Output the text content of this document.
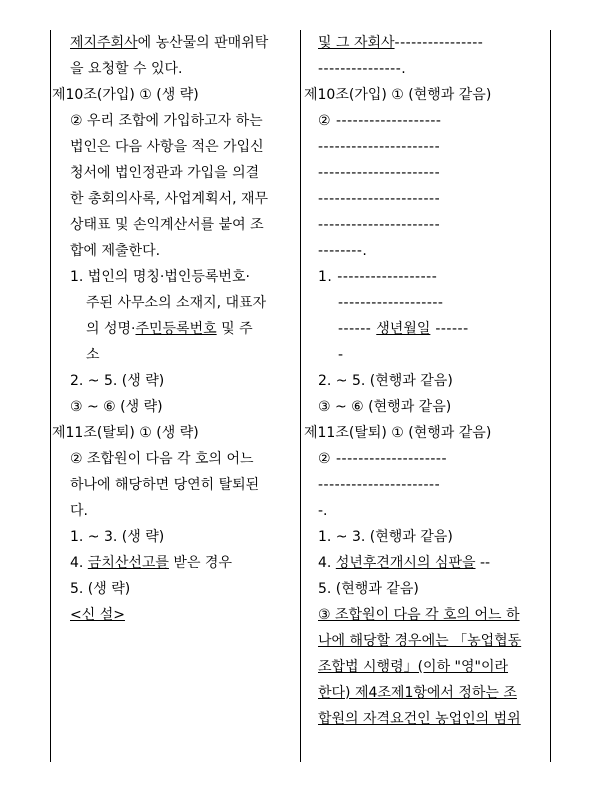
제지주회사에 농산물의 판매위탁
을 요청할 수 있다.
제10조(가입) ① (생 략)
② 우리 조합에 가입하고자 하는
법인은 다음 사항을 적은 가입신
청서에 법인정관과 가입을 의결
한 총회의사록, 사업계획서, 재무
상태표 및 손익계산서를 붙여 조
합에 제출한다.
1. 법인의 명칭·법인등록번호·
주된 사무소의 소재지, 대표자
의 성명·주민등록번호 및 주
소
2. ~ 5. (생 략)
③ ~ ⑥ (생 략)
제11조(탈퇴) ① (생 략)
② 조합원이 다음 각 호의 어느
하나에 해당하면 당연히 탈퇴된
다.
1. ~ 3. (생 략)
4. 금치산선고를 받은 경우
5. (생 략)
<신 설>
및 그 자회사----------------
---------------.
제10조(가입) ① (현행과 같음)
② -------------------
----------------------
----------------------
----------------------
----------------------
--------.
1. ------------------
-------------------
------ 생년월일 ------
-
2. ~ 5. (현행과 같음)
③ ~ ⑥ (현행과 같음)
제11조(탈퇴) ① (현행과 같음)
② --------------------
----------------------
-.
1. ~ 3. (현행과 같음)
4. 성년후견개시의 심판을 --
5. (현행과 같음)
③ 조합원이 다음 각 호의 어느 하
나에 해당할 경우에는 「농업협동
조합법 시행령」(이하 "영"이라
한다) 제4조제1항에서 정하는 조
합원의 자격요건인 농업인의 범위
